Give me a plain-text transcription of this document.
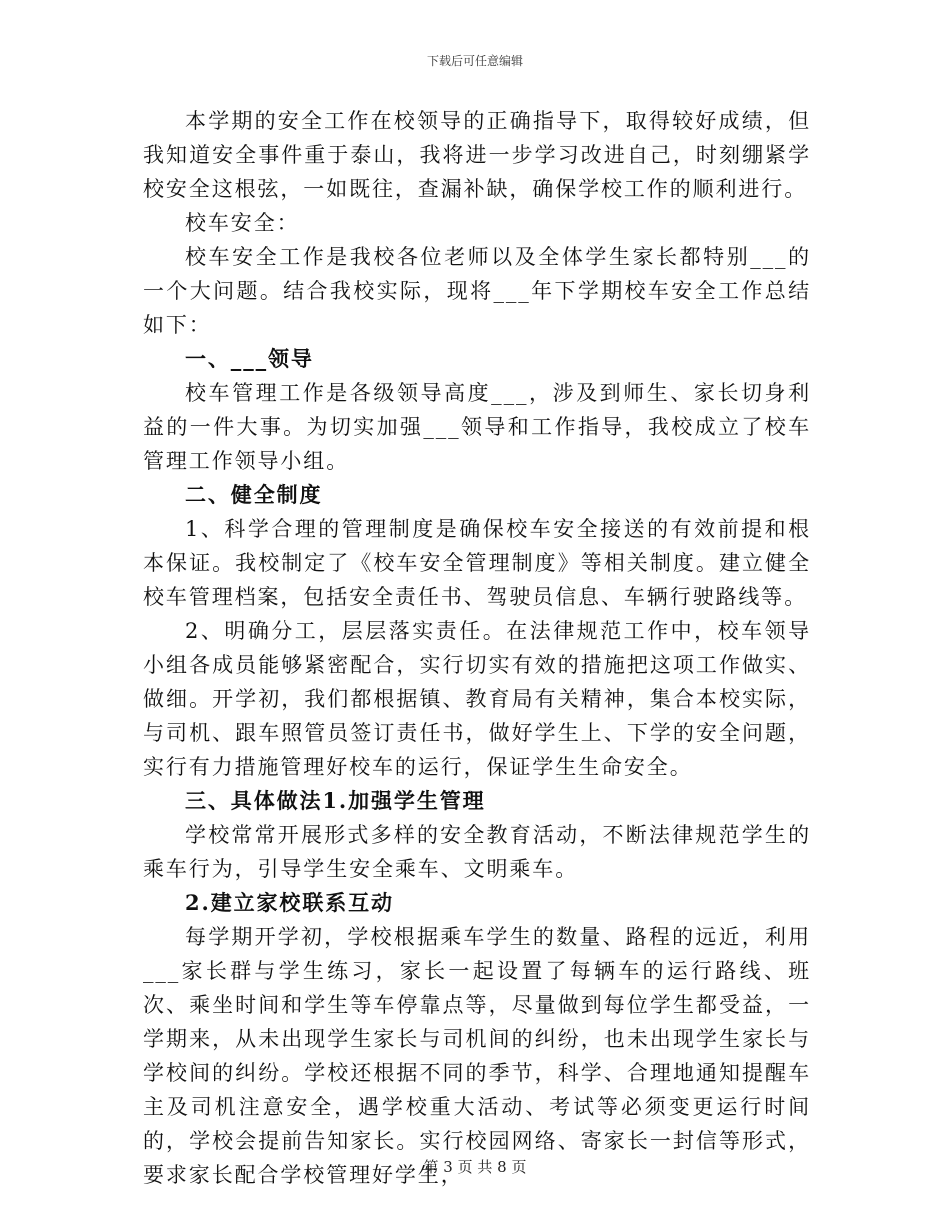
下载后可任意编辑

本学期的安全工作在校领导的正确指导下，取得较好成绩，但我知道安全事件重于泰山，我将进一步学习改进自己，时刻绷紧学校安全这根弦，一如既往，查漏补缺，确保学校工作的顺利进行。

校车安全：

校车安全工作是我校各位老师以及全体学生家长都特别___的一个大问题。结合我校实际，现将___年下学期校车安全工作总结如下：

一、___领导

校车管理工作是各级领导高度___，涉及到师生、家长切身利益的一件大事。为切实加强___领导和工作指导，我校成立了校车管理工作领导小组。

二、健全制度

1、科学合理的管理制度是确保校车安全接送的有效前提和根本保证。我校制定了《校车安全管理制度》等相关制度。建立健全校车管理档案，包括安全责任书、驾驶员信息、车辆行驶路线等。

2、明确分工，层层落实责任。在法律规范工作中，校车领导小组各成员能够紧密配合，实行切实有效的措施把这项工作做实、做细。开学初，我们都根据镇、教育局有关精神，集合本校实际，与司机、跟车照管员签订责任书，做好学生上、下学的安全问题，实行有力措施管理好校车的运行，保证学生生命安全。

三、具体做法1.加强学生管理

学校常常开展形式多样的安全教育活动，不断法律规范学生的乘车行为，引导学生安全乘车、文明乘车。

2.建立家校联系互动

每学期开学初，学校根据乘车学生的数量、路程的远近，利用___家长群与学生练习，家长一起设置了每辆车的运行路线、班次、乘坐时间和学生等车停靠点等，尽量做到每位学生都受益，一学期来，从未出现学生家长与司机间的纠纷，也未出现学生家长与学校间的纠纷。学校还根据不同的季节，科学、合理地通知提醒车主及司机注意安全，遇学校重大活动、考试等必须变更运行时间的，学校会提前告知家长。实行校园网络、寄家长一封信等形式，要求家长配合学校管理好学生，

第 3 页 共 8 页
